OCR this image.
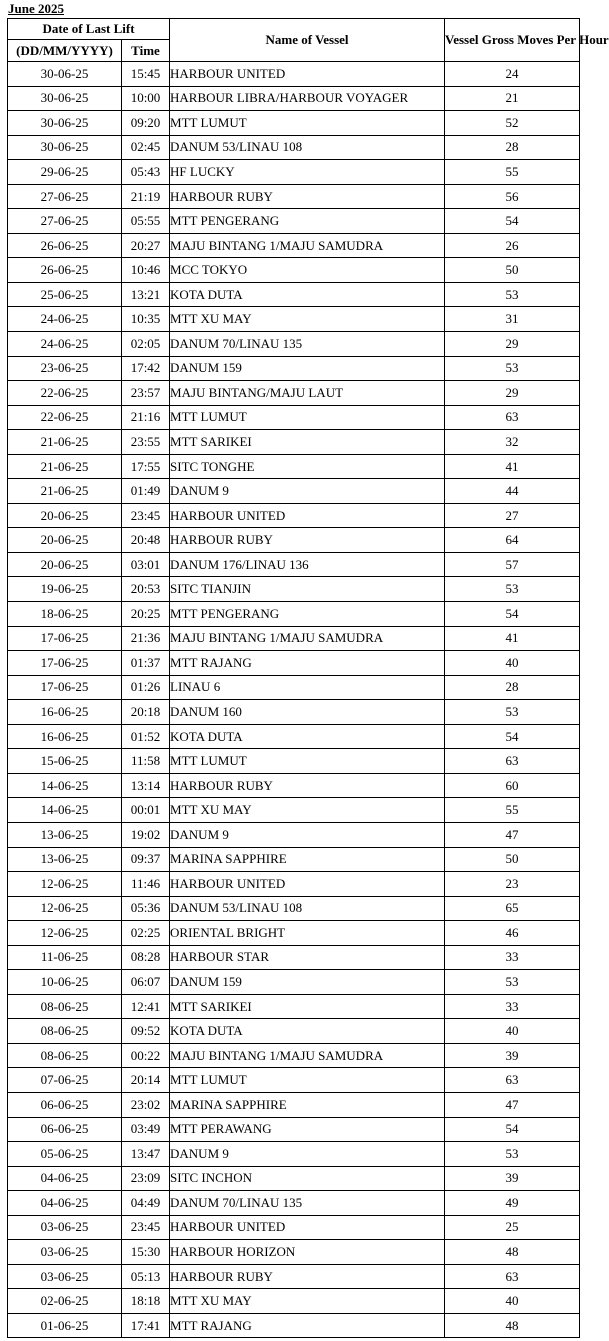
June 2025
Date of Last Lift		Name of Vessel	Vessel Gross Moves Per Hour
(DD/MM/YYYY)	Time		
30-06-25	15:45	HARBOUR UNITED	24
30-06-25	10:00	HARBOUR LIBRA/HARBOUR VOYAGER	21
30-06-25	09:20	MTT LUMUT	52
30-06-25	02:45	DANUM 53/LINAU 108	28
29-06-25	05:43	HF LUCKY	55
27-06-25	21:19	HARBOUR RUBY	56
27-06-25	05:55	MTT PENGERANG	54
26-06-25	20:27	MAJU BINTANG 1/MAJU SAMUDRA	26
26-06-25	10:46	MCC TOKYO	50
25-06-25	13:21	KOTA DUTA	53
24-06-25	10:35	MTT XU MAY	31
24-06-25	02:05	DANUM 70/LINAU 135	29
23-06-25	17:42	DANUM 159	53
22-06-25	23:57	MAJU BINTANG/MAJU LAUT	29
22-06-25	21:16	MTT LUMUT	63
21-06-25	23:55	MTT SARIKEI	32
21-06-25	17:55	SITC TONGHE	41
21-06-25	01:49	DANUM 9	44
20-06-25	23:45	HARBOUR UNITED	27
20-06-25	20:48	HARBOUR RUBY	64
20-06-25	03:01	DANUM 176/LINAU 136	57
19-06-25	20:53	SITC TIANJIN	53
18-06-25	20:25	MTT PENGERANG	54
17-06-25	21:36	MAJU BINTANG 1/MAJU SAMUDRA	41
17-06-25	01:37	MTT RAJANG	40
17-06-25	01:26	LINAU 6	28
16-06-25	20:18	DANUM 160	53
16-06-25	01:52	KOTA DUTA	54
15-06-25	11:58	MTT LUMUT	63
14-06-25	13:14	HARBOUR RUBY	60
14-06-25	00:01	MTT XU MAY	55
13-06-25	19:02	DANUM 9	47
13-06-25	09:37	MARINA SAPPHIRE	50
12-06-25	11:46	HARBOUR UNITED	23
12-06-25	05:36	DANUM 53/LINAU 108	65
12-06-25	02:25	ORIENTAL BRIGHT	46
11-06-25	08:28	HARBOUR STAR	33
10-06-25	06:07	DANUM 159	53
08-06-25	12:41	MTT SARIKEI	33
08-06-25	09:52	KOTA DUTA	40
08-06-25	00:22	MAJU BINTANG 1/MAJU SAMUDRA	39
07-06-25	20:14	MTT LUMUT	63
06-06-25	23:02	MARINA SAPPHIRE	47
06-06-25	03:49	MTT PERAWANG	54
05-06-25	13:47	DANUM 9	53
04-06-25	23:09	SITC INCHON	39
04-06-25	04:49	DANUM 70/LINAU 135	49
03-06-25	23:45	HARBOUR UNITED	25
03-06-25	15:30	HARBOUR HORIZON	48
03-06-25	05:13	HARBOUR RUBY	63
02-06-25	18:18	MTT XU MAY	40
01-06-25	17:41	MTT RAJANG	48
